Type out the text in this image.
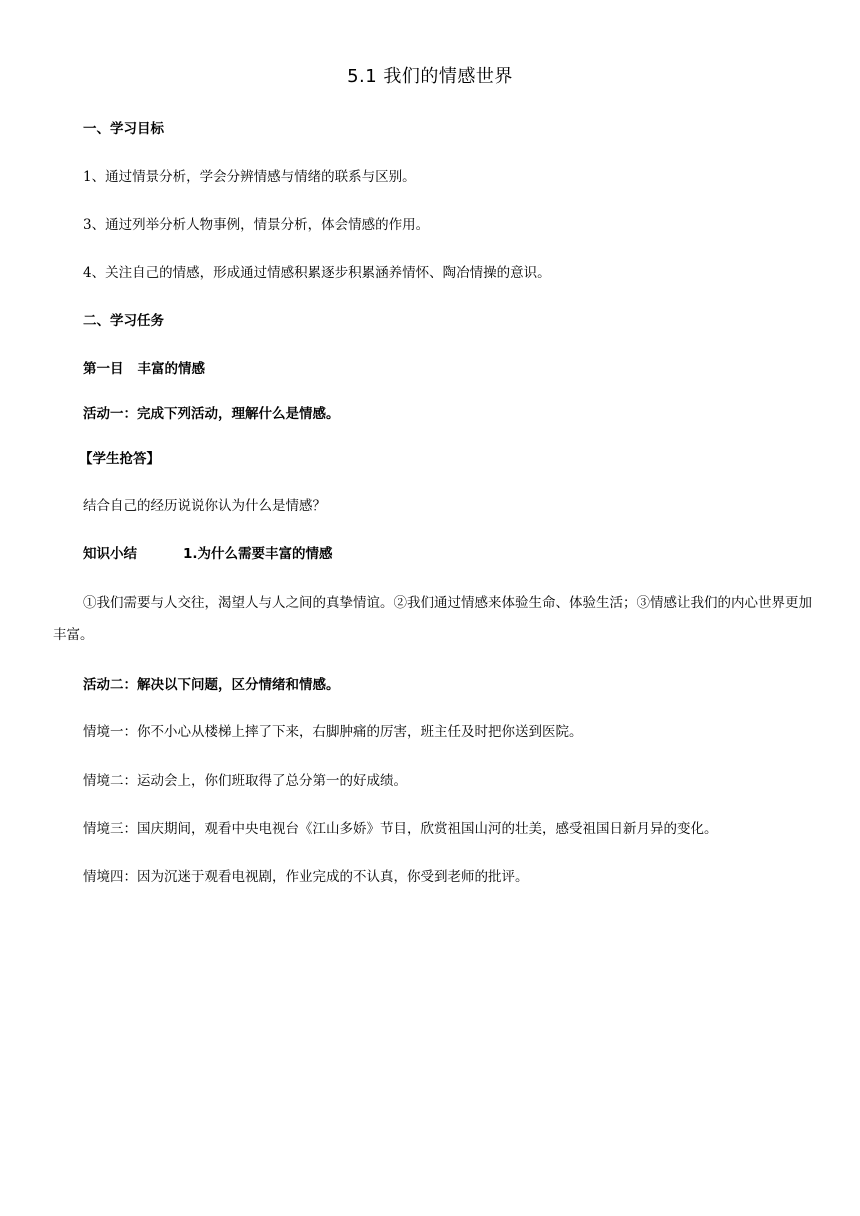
5.1 我们的情感世界
一、学习目标
1、通过情景分析，学会分辨情感与情绪的联系与区别。
3、通过列举分析人物事例，情景分析，体会情感的作用。
4、关注自己的情感，形成通过情感积累逐步积累涵养情怀、陶冶情操的意识。
二、学习任务
第一目 丰富的情感
活动一：完成下列活动，理解什么是情感。
【学生抢答】
结合自己的经历说说你认为什么是情感？
知识小结	1.为什么需要丰富的情感
①我们需要与人交往，渴望人与人之间的真挚情谊。②我们通过情感来体验生命、体验生活；③情感让我们的内心世界更加丰富。
活动二：解决以下问题，区分情绪和情感。
情境一：你不小心从楼梯上摔了下来，右脚肿痛的厉害，班主任及时把你送到医院。
情境二：运动会上，你们班取得了总分第一的好成绩。
情境三：国庆期间，观看中央电视台《江山多娇》节目，欣赏祖国山河的壮美，感受祖国日新月异的变化。
情境四：因为沉迷于观看电视剧，作业完成的不认真，你受到老师的批评。
